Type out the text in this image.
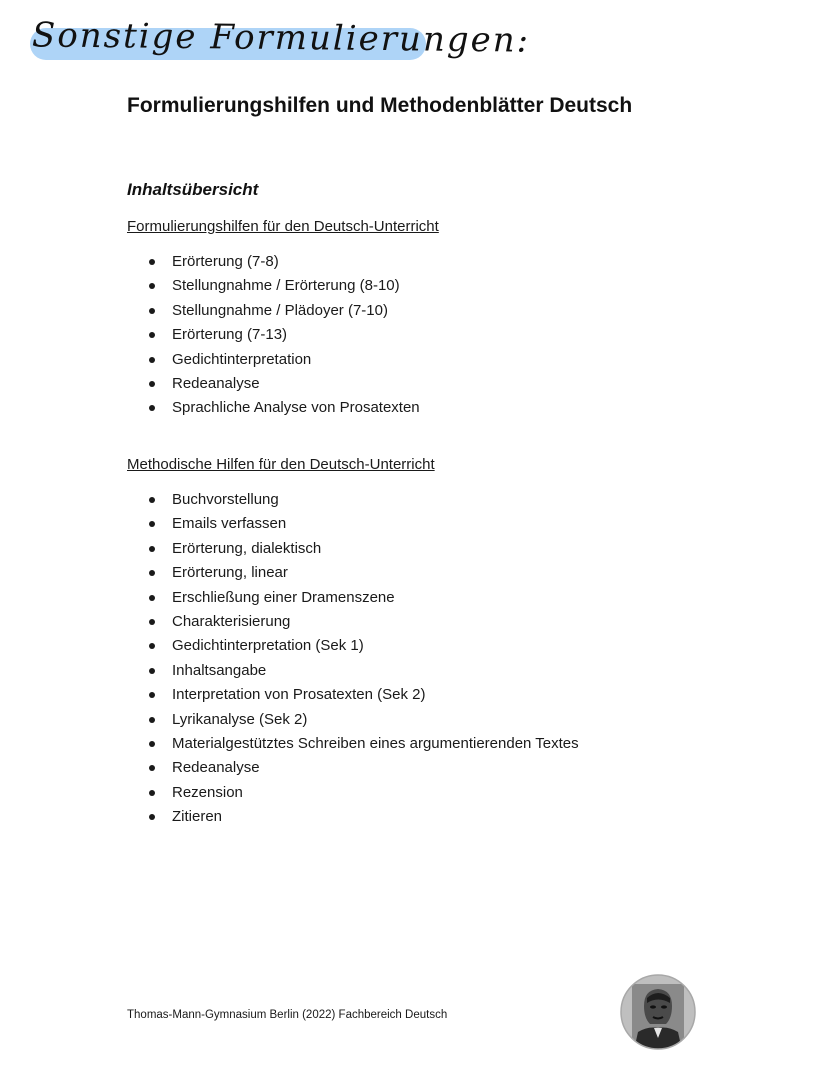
Sonstige Formulierungen:
Formulierungshilfen und Methodenblätter Deutsch
Inhaltsübersicht

Formulierungshilfen für den Deutsch-Unterricht

Erörterung (7-8)
Stellungnahme / Erörterung (8-10)
Stellungnahme / Plädoyer (7-10)
Erörterung (7-13)
Gedichtinterpretation
Redeanalyse
Sprachliche Analyse von Prosatexten

Methodische Hilfen für den Deutsch-Unterricht

Buchvorstellung
Emails verfassen
Erörterung, dialektisch
Erörterung, linear
Erschließung einer Dramenszene
Charakterisierung
Gedichtinterpretation (Sek 1)
Inhaltsangabe
Interpretation von Prosatexten (Sek 2)
Lyrikanalyse (Sek 2)
Materialgestütztes Schreiben eines argumentierenden Textes
Redeanalyse
Rezension
Zitieren
Thomas-Mann-Gymnasium Berlin (2022) Fachbereich Deutsch
